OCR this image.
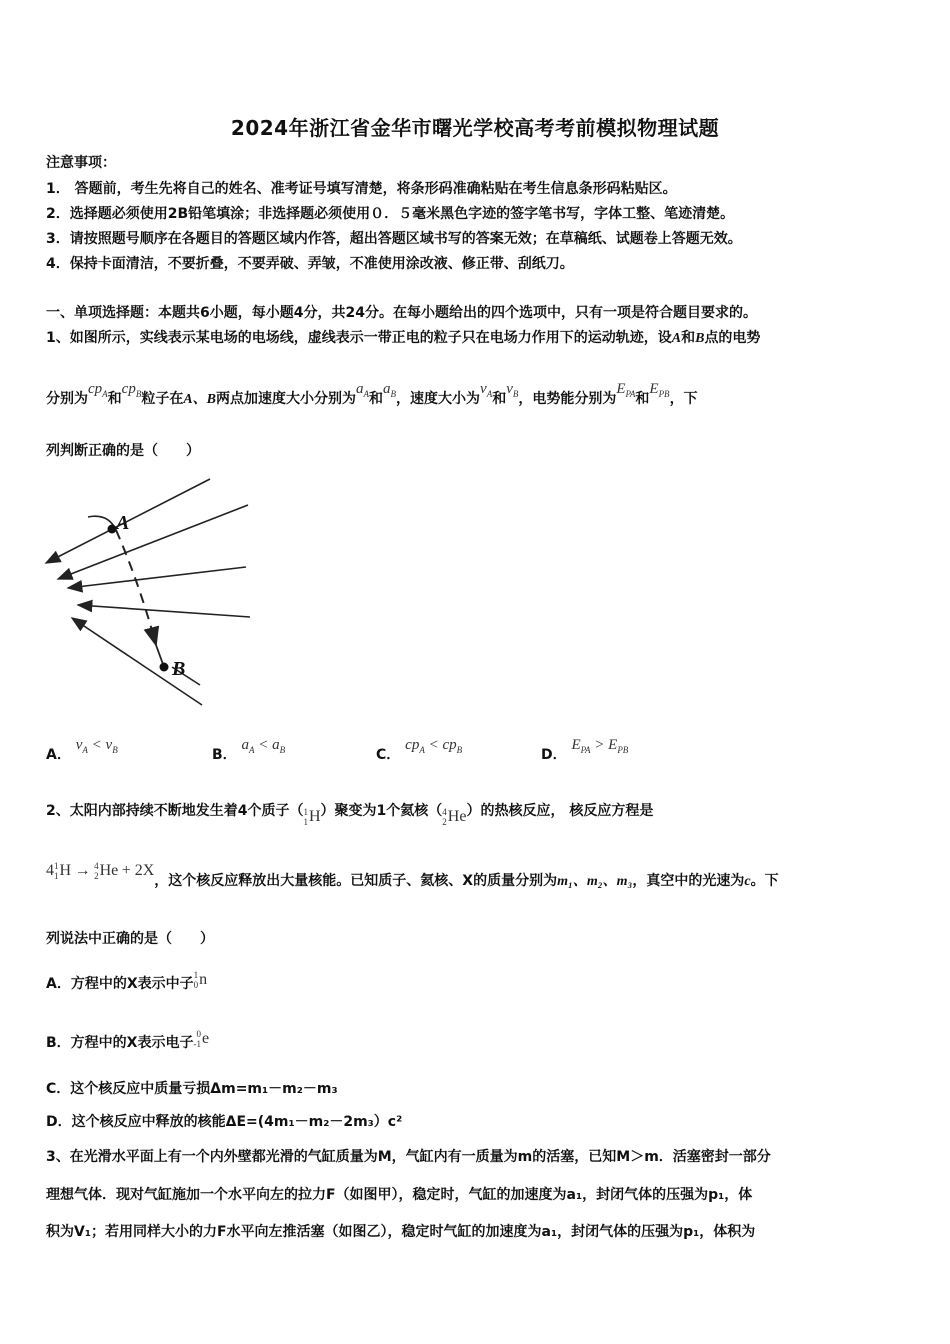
2024年浙江省金华市曙光学校高考考前模拟物理试题
注意事项：
1． 答题前，考生先将自己的姓名、准考证号填写清楚，将条形码准确粘贴在考生信息条形码粘贴区。
2．选择题必须使用2B铅笔填涂；非选择题必须使用０．５毫米黑色字迹的签字笔书写，字体工整、笔迹清楚。
3．请按照题号顺序在各题目的答题区域内作答，超出答题区域书写的答案无效；在草稿纸、试题卷上答题无效。
4．保持卡面清洁，不要折叠，不要弄破、弄皱，不准使用涂改液、修正带、刮纸刀。
一、单项选择题：本题共6小题，每小题4分，共24分。在每小题给出的四个选项中，只有一项是符合题目要求的。
1、如图所示，实线表示某电场的电场线，虚线表示一带正电的粒子只在电场力作用下的运动轨迹，设A和B点的电势
分别为$cp_A$和$cp_B$粒子在A、B两点加速度大小分别为$a_A$和$a_B$，速度大小为$v_A$和$v_B$，电势能分别为$E_{PA}$和$E_{PB}$，下
列判断正确的是（　　）
A
B
A． $v_A < v_B$	B． $a_A < a_B$	C． $cp_A < cp_B$	D． $E_{PA} > E_{PB}$
2、太阳内部持续不断地发生着4个质子（ 1
1 H ）聚变为1个氦核（ 4
2 He ）的热核反应， 核反应方程是
4 1
1 H
→
4
2 He
+ 2X
，这个核反应释放出大量核能。已知质子、氦核、X的质量分别为m₁、m₂、m₃，真空中的光速为c。下
列说法中正确的是（　　）
A．方程中的X表示中子
1
0 n
B．方程中的X表示电子
0
-1 e
C．这个核反应中质量亏损Δm=m₁－m₂－m₃
D．这个核反应中释放的核能ΔE=(4m₁－m₂－2m₃）c²
3、在光滑水平面上有一个内外壁都光滑的气缸质量为M，气缸内有一质量为m的活塞，已知M＞m．活塞密封一部分
理想气体．现对气缸施加一个水平向左的拉力F（如图甲），稳定时，气缸的加速度为a₁，封闭气体的压强为p₁，体
积为V₁；若用同样大小的力F水平向左推活塞（如图乙），稳定时气缸的加速度为a₁，封闭气体的压强为p₁，体积为
